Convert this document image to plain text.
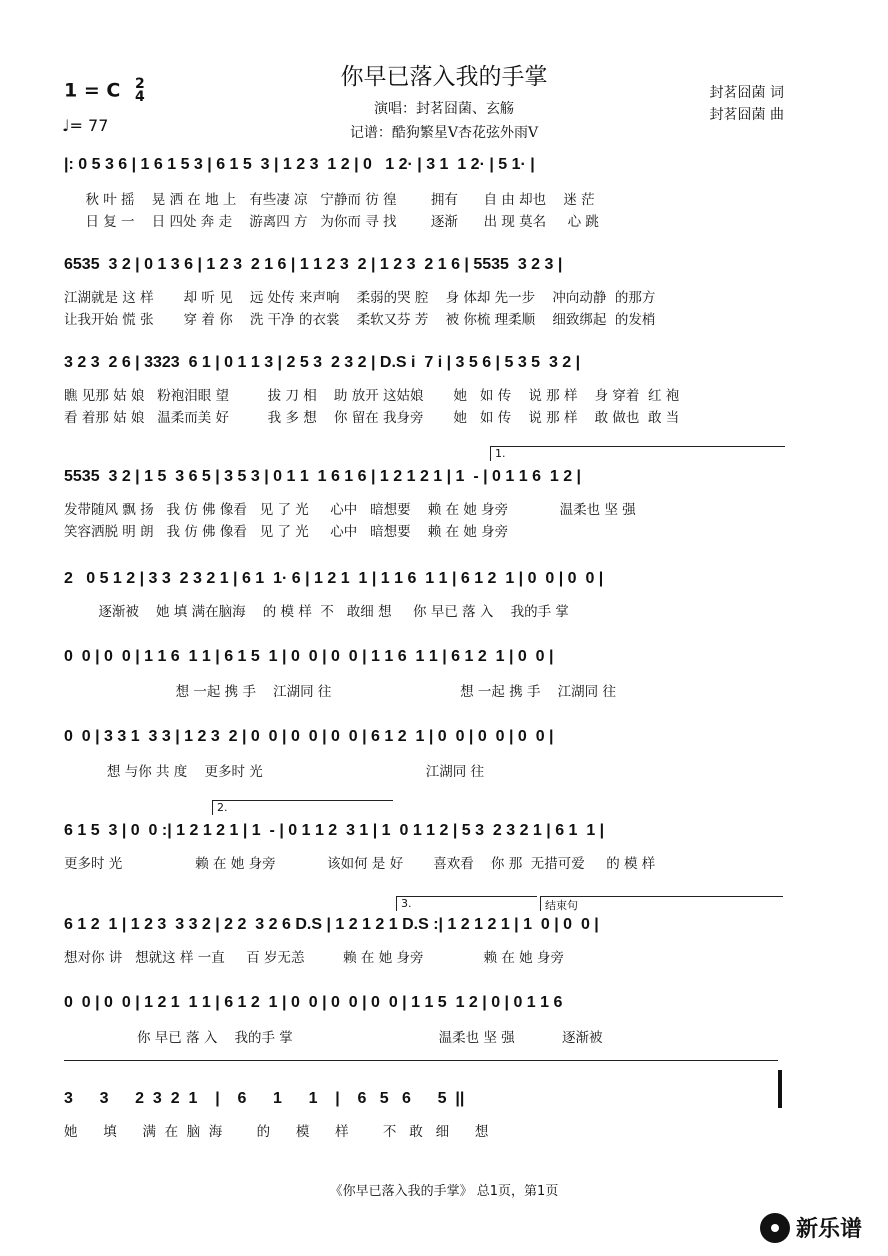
你早已落入我的手掌
1 = C 2
4
♩= 77
演唱：封茗囧菌、玄觞
记谱：酷狗繁星V杏花弦外雨V
封茗囧菌 词
封茗囧菌 曲
1.
2.
3.	结束句
|: 0 5 3 6 | 1 6 1 5 3 | 6 1 5  3 | 1 2 3  1 2 | 0   1 2· | 3 1  1 2· | 5 1· |
秋 叶 摇    晃 洒 在 地 上   有些凄 凉   宁静而 彷 徨        拥有      自 由 却也    迷 茫
日 复 一    日 四处 奔 走    游离四 方   为你而 寻 找        逐渐      出 现 莫名     心 跳
6535  3 2 | 0 1 3 6 | 1 2 3  2 1 6 | 1 1 2 3  2 | 1 2 3  2 1 6 | 5535  3 2 3 |
江湖就是 这 样       却 听 见    远 处传 来声响    柔弱的哭 腔    身 体却 先一步    冲向动静  的那方
让我开始 慌 张       穿 着 你    洗 干净 的衣裳    柔软又芬 芳    被 你梳 理柔顺    细致绑起  的发梢
3 2 3  2 6 | 3323  6 1 | 0 1 1 3 | 2 5 3  2 3 2 | D.S i  7 i | 3 5 6 | 5 3 5  3 2 |
瞧 见那 姑 娘   粉袍泪眼 望         拔 刀 相    助 放开 这姑娘       她   如 传    说 那 样    身 穿着  红 袍
看 着那 姑 娘   温柔而美 好         我 多 想    你 留在 我身旁       她   如 传    说 那 样    敢 做也  敢 当
5535  3 2 | 1 5  3 6 5 | 3 5 3 | 0 1 1  1 6 1 6 | 1 2 1 2 1 | 1  - | 0 1 1 6  1 2 |
发带随风 飘 扬   我 仿 佛 像看   见 了 光     心中   暗想要    赖 在 她 身旁            温柔也 坚 强
笑容洒脱 明 朗   我 仿 佛 像看   见 了 光     心中   暗想要    赖 在 她 身旁
2   0 5 1 2 | 3 3  2 3 2 1 | 6 1  1· 6 | 1 2 1  1 | 1 1 6  1 1 | 6 1 2  1 | 0  0 | 0  0 |
逐渐被    她 填 满在脑海    的 模 样  不   敢细 想     你 早已 落 入    我的手 掌
0  0 | 0  0 | 1 1 6  1 1 | 6 1 5  1 | 0  0 | 0  0 | 1 1 6  1 1 | 6 1 2  1 | 0  0 |
想 一起 携 手    江湖同 往                              想 一起 携 手    江湖同 往
0  0 | 3 3 1  3 3 | 1 2 3  2 | 0  0 | 0  0 | 0  0 | 6 1 2  1 | 0  0 | 0  0 | 0  0 |
想 与你 共 度    更多时 光                                      江湖同 往
6 1 5  3 | 0  0 :| 1 2 1 2 1 | 1  - | 0 1 1 2  3 1 | 1  0 1 1 2 | 5 3  2 3 2 1 | 6 1  1 |
更多时 光                 赖 在 她 身旁            该如何 是 好       喜欢看    你 那  无措可爱     的 模 样
6 1 2  1 | 1 2 3  3 3 2 | 2 2  3 2 6 D.S | 1 2 1 2 1 D.S :| 1 2 1 2 1 | 1  0 | 0  0 |
想对你 讲   想就这 样 一直     百 岁无恙         赖 在 她 身旁              赖 在 她 身旁
0  0 | 0  0 | 1 2 1  1 1 | 6 1 2  1 | 0  0 | 0  0 | 0  0 | 1 1 5  1 2 | 0 | 0 1 1 6
你 早已 落 入    我的手 掌                                  温柔也 坚 强           逐渐被
3      3      2  3  2  1    |    6      1      1    |    6   5   6      5  ||
她      填      满  在  脑  海        的      模      样        不   敢   细      想
《你早已落入我的手掌》 总1页，第1页
新乐谱
